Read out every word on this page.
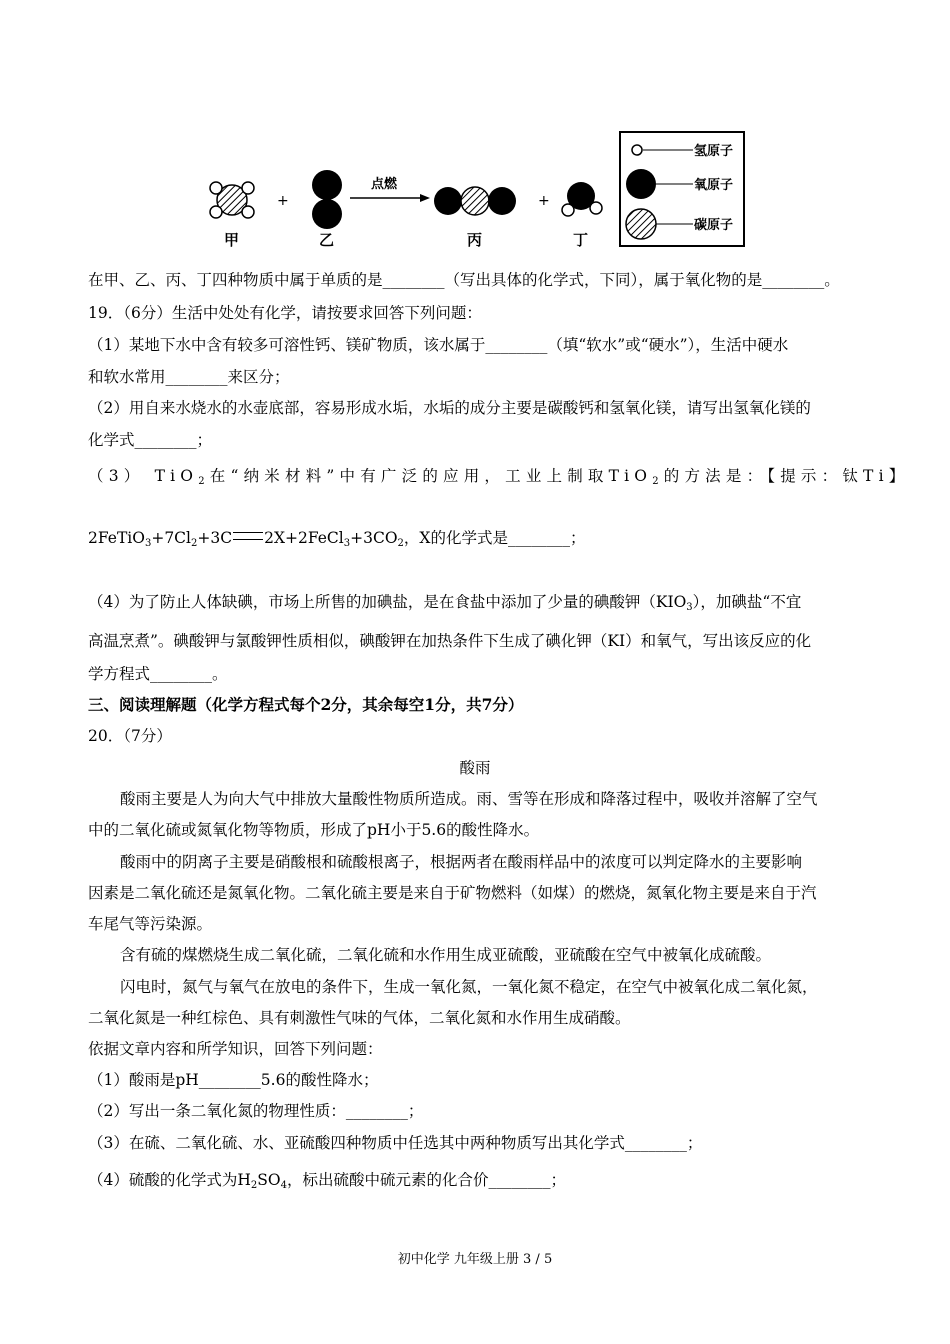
+
点燃
+
甲	乙	丙	丁
氢原子
氧原子
碳原子
在甲、乙、丙、丁四种物质中属于单质的是________（写出具体的化学式，下同），属于氧化物的是________。
19．（6分）生活中处处有化学，请按要求回答下列问题：
（1）某地下水中含有较多可溶性钙、镁矿物质，该水属于________（填“软水”或“硬水”），生活中硬水
和软水常用________来区分；
（2）用自来水烧水的水壶底部，容易形成水垢，水垢的成分主要是碳酸钙和氢氧化镁，请写出氢氧化镁的
化学式________；
（3） TiO$_2$在“纳米材料”中有广泛的应用，工业上制取TiO$_2$的方法是：【提示：钛Ti】
$2FeTiO_3+7Cl_2+3C$ $2X+2FeCl_3+3CO_2$，X的化学式是________；
（4）为了防止人体缺碘，市场上所售的加碘盐，是在食盐中添加了少量的碘酸钾$(KIO_3)$，加碘盐“不宜
高温烹煮”。碘酸钾与氯酸钾性质相似，碘酸钾在加热条件下生成了碘化钾（KI）和氧气，写出该反应的化
学方程式________。
三、阅读理解题（化学方程式每个2分，其余每空1分，共7分）
20．（7分）
酸雨
酸雨主要是人为向大气中排放大量酸性物质所造成。雨、雪等在形成和降落过程中，吸收并溶解了空气
中的二氧化硫或氮氧化物等物质，形成了pH小于5.6的酸性降水。
酸雨中的阴离子主要是硝酸根和硫酸根离子，根据两者在酸雨样品中的浓度可以判定降水的主要影响
因素是二氧化硫还是氮氧化物。二氧化硫主要是来自于矿物燃料（如煤）的燃烧，氮氧化物主要是来自于汽
车尾气等污染源。
含有硫的煤燃烧生成二氧化硫，二氧化硫和水作用生成亚硫酸，亚硫酸在空气中被氧化成硫酸。
闪电时，氮气与氧气在放电的条件下，生成一氧化氮，一氧化氮不稳定，在空气中被氧化成二氧化氮，
二氧化氮是一种红棕色、具有刺激性气味的气体，二氧化氮和水作用生成硝酸。
依据文章内容和所学知识，回答下列问题：
（1）酸雨是pH________5.6的酸性降水；
（2）写出一条二氧化氮的物理性质：________；
（3）在硫、二氧化硫、水、亚硫酸四种物质中任选其中两种物质写出其化学式________；
（4）硫酸的化学式为$H_2SO_4$，标出硫酸中硫元素的化合价________；
初中化学 九年级上册 3 / 5
